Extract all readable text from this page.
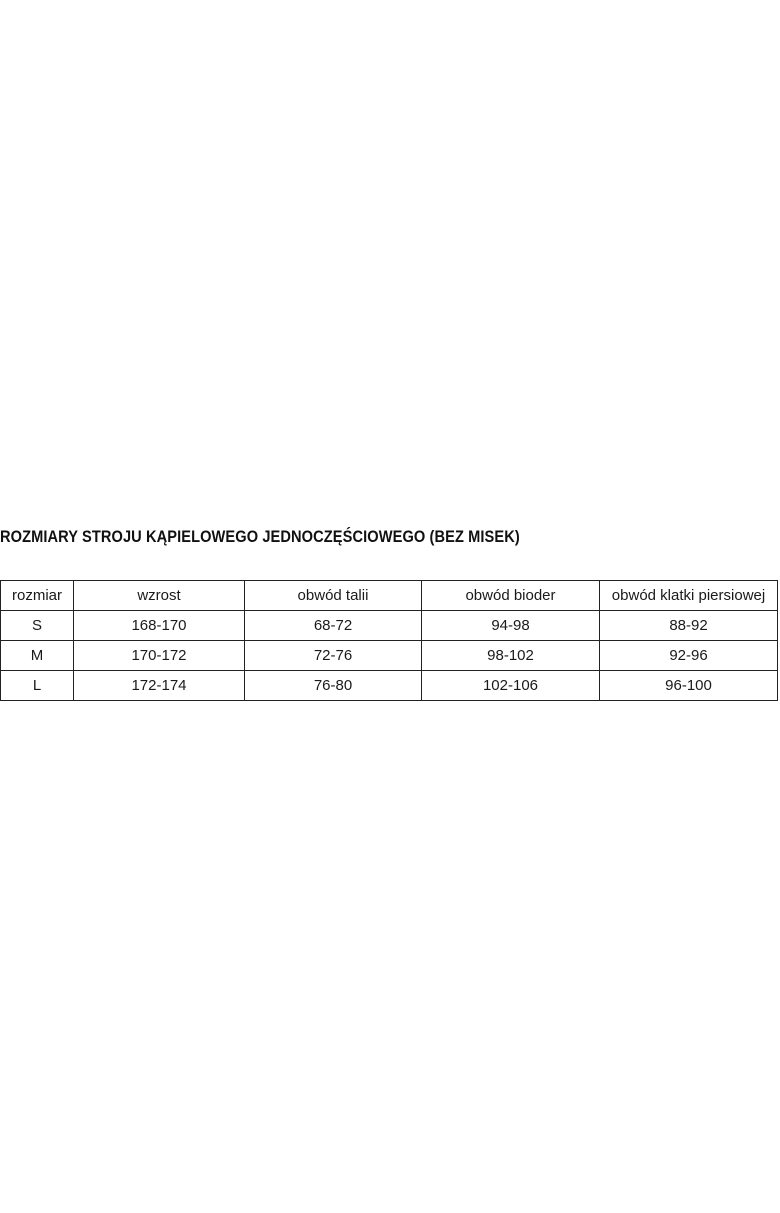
ROZMIARY STROJU KĄPIELOWEGO JEDNOCZĘŚCIOWEGO (BEZ MISEK)
rozmiar	wzrost	obwód talii	obwód bioder	obwód klatki piersiowej
S	168-170	68-72	94-98	88-92
M	170-172	72-76	98-102	92-96
L	172-174	76-80	102-106	96-100
